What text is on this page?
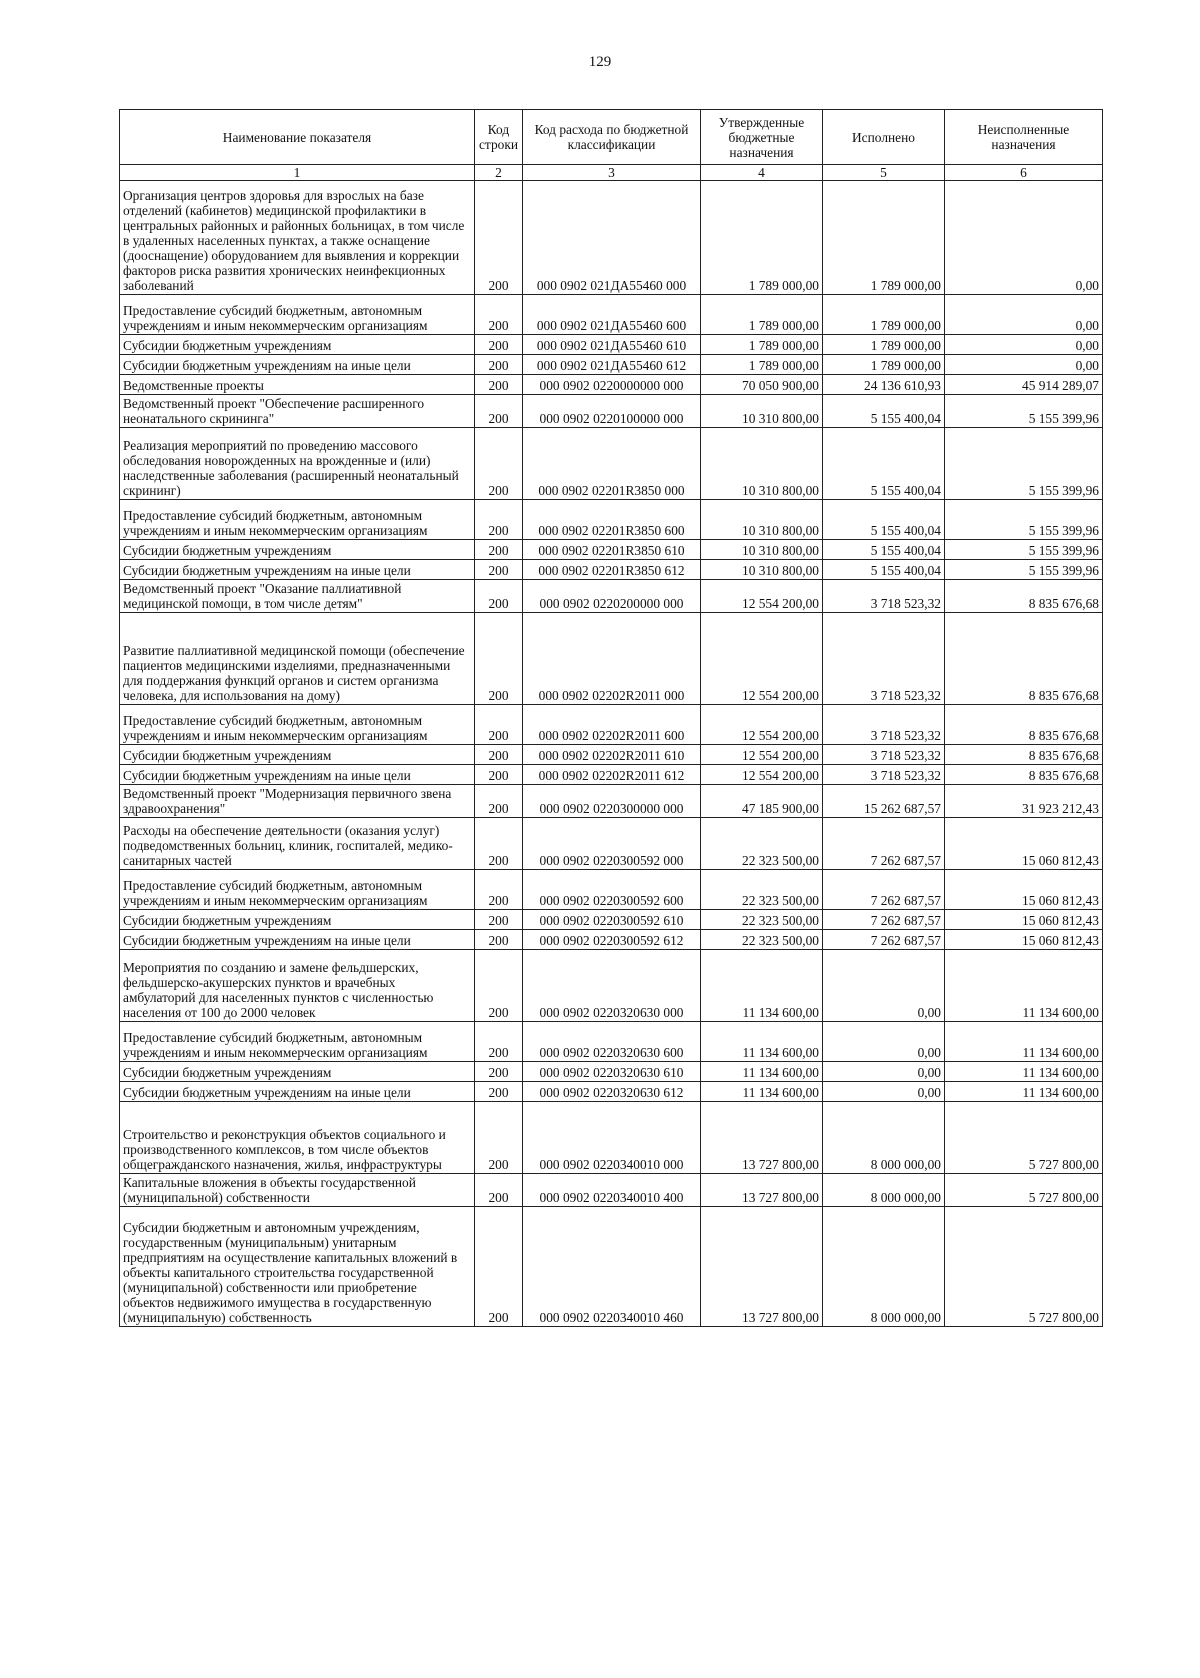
129
Наименование показателя	Код строки	Код расхода по бюджетной классификации	Утвержденные бюджетные назначения	Исполнено	Неисполненные назначения
1	2	3	4	5	6
Организация центров здоровья для взрослых на базе отделений (кабинетов) медицинской профилактики в центральных районных и районных больницах, в том числе в удаленных населенных пунктах, а также оснащение (дооснащение) оборудованием для выявления и коррекции факторов риска развития хронических неинфекционных заболеваний	200	000 0902 021ДА55460 000	1 789 000,00	1 789 000,00	0,00
Предоставление субсидий бюджетным, автономным учреждениям и иным некоммерческим организациям	200	000 0902 021ДА55460 600	1 789 000,00	1 789 000,00	0,00
Субсидии бюджетным учреждениям	200	000 0902 021ДА55460 610	1 789 000,00	1 789 000,00	0,00
Субсидии бюджетным учреждениям на иные цели	200	000 0902 021ДА55460 612	1 789 000,00	1 789 000,00	0,00
Ведомственные проекты	200	000 0902 0220000000 000	70 050 900,00	24 136 610,93	45 914 289,07
Ведомственный проект "Обеспечение расширенного неонатального скрининга"	200	000 0902 0220100000 000	10 310 800,00	5 155 400,04	5 155 399,96
Реализация мероприятий по проведению массового обследования новорожденных на врожденные и (или) наследственные заболевания (расширенный неонатальный скрининг)	200	000 0902 02201R3850 000	10 310 800,00	5 155 400,04	5 155 399,96
Предоставление субсидий бюджетным, автономным учреждениям и иным некоммерческим организациям	200	000 0902 02201R3850 600	10 310 800,00	5 155 400,04	5 155 399,96
Субсидии бюджетным учреждениям	200	000 0902 02201R3850 610	10 310 800,00	5 155 400,04	5 155 399,96
Субсидии бюджетным учреждениям на иные цели	200	000 0902 02201R3850 612	10 310 800,00	5 155 400,04	5 155 399,96
Ведомственный проект "Оказание паллиативной медицинской помощи, в том числе детям"	200	000 0902 0220200000 000	12 554 200,00	3 718 523,32	8 835 676,68
Развитие паллиативной медицинской помощи (обеспечение пациентов медицинскими изделиями, предназначенными для поддержания функций органов и систем организма человека, для использования на дому)	200	000 0902 02202R2011 000	12 554 200,00	3 718 523,32	8 835 676,68
Предоставление субсидий бюджетным, автономным учреждениям и иным некоммерческим организациям	200	000 0902 02202R2011 600	12 554 200,00	3 718 523,32	8 835 676,68
Субсидии бюджетным учреждениям	200	000 0902 02202R2011 610	12 554 200,00	3 718 523,32	8 835 676,68
Субсидии бюджетным учреждениям на иные цели	200	000 0902 02202R2011 612	12 554 200,00	3 718 523,32	8 835 676,68
Ведомственный проект "Модернизация первичного звена здравоохранения"	200	000 0902 0220300000 000	47 185 900,00	15 262 687,57	31 923 212,43
Расходы на обеспечение деятельности (оказания услуг) подведомственных больниц, клиник, госпиталей, медико-санитарных частей	200	000 0902 0220300592 000	22 323 500,00	7 262 687,57	15 060 812,43
Предоставление субсидий бюджетным, автономным учреждениям и иным некоммерческим организациям	200	000 0902 0220300592 600	22 323 500,00	7 262 687,57	15 060 812,43
Субсидии бюджетным учреждениям	200	000 0902 0220300592 610	22 323 500,00	7 262 687,57	15 060 812,43
Субсидии бюджетным учреждениям на иные цели	200	000 0902 0220300592 612	22 323 500,00	7 262 687,57	15 060 812,43
Мероприятия по созданию и замене фельдшерских, фельдшерско-акушерских пунктов и врачебных амбулаторий для населенных пунктов с численностью населения от 100 до 2000 человек	200	000 0902 0220320630 000	11 134 600,00	0,00	11 134 600,00
Предоставление субсидий бюджетным, автономным учреждениям и иным некоммерческим организациям	200	000 0902 0220320630 600	11 134 600,00	0,00	11 134 600,00
Субсидии бюджетным учреждениям	200	000 0902 0220320630 610	11 134 600,00	0,00	11 134 600,00
Субсидии бюджетным учреждениям на иные цели	200	000 0902 0220320630 612	11 134 600,00	0,00	11 134 600,00
Строительство и реконструкция объектов социального и производственного комплексов, в том числе объектов общегражданского назначения, жилья, инфраструктуры	200	000 0902 0220340010 000	13 727 800,00	8 000 000,00	5 727 800,00
Капитальные вложения в объекты государственной (муниципальной) собственности	200	000 0902 0220340010 400	13 727 800,00	8 000 000,00	5 727 800,00
Субсидии бюджетным и автономным учреждениям, государственным (муниципальным) унитарным предприятиям на осуществление капитальных вложений в объекты капитального строительства государственной (муниципальной) собственности или приобретение объектов недвижимого имущества в государственную (муниципальную) собственность	200	000 0902 0220340010 460	13 727 800,00	8 000 000,00	5 727 800,00
